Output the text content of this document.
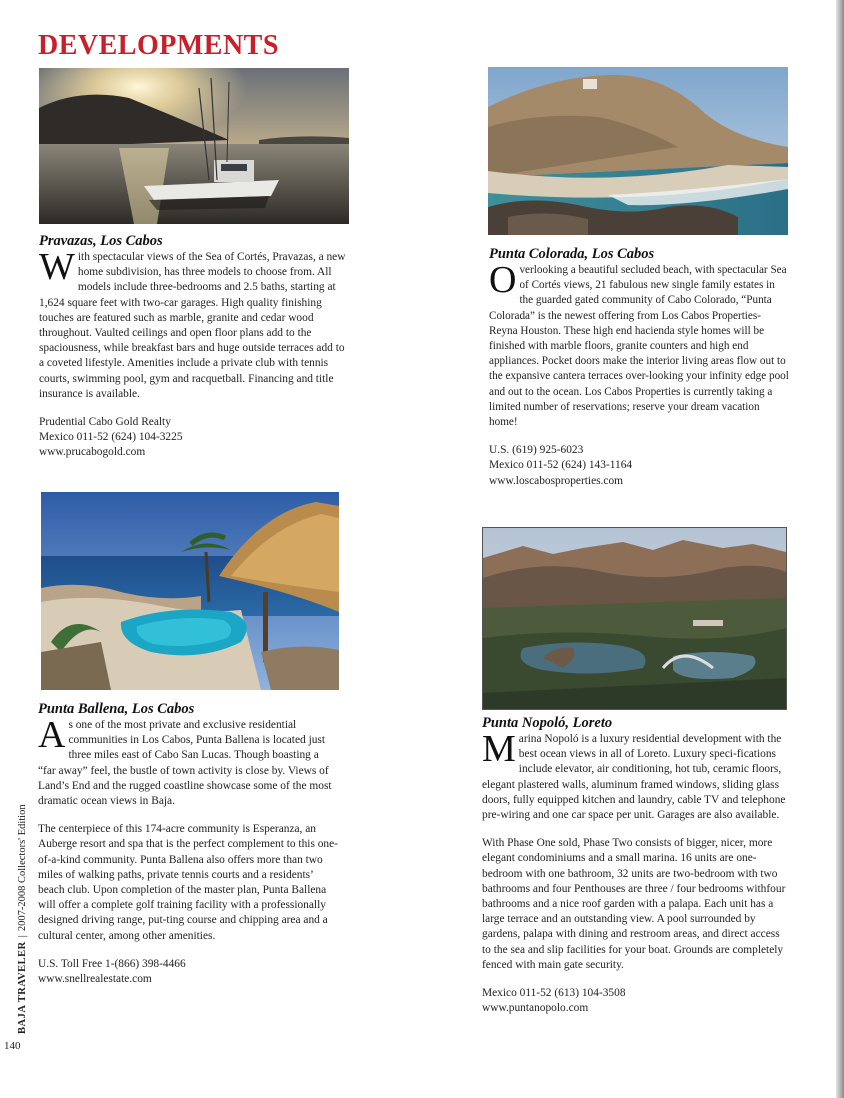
DEVELOPMENTS
Pravazas, Los Cabos

With spectacular views of the Sea of Cortés, Pravazas, a new home subdivision, has three models to choose from. All models include three-bedrooms and 2.5 baths, starting at 1,624 square feet with two-car garages. High quality finishing touches are featured such as marble, granite and cedar wood throughout. Vaulted ceilings and open floor plans add to the spaciousness, while breakfast bars and huge outside terraces add to a coveted lifestyle. Amenities include a private club with tennis courts, swimming pool, gym and racquetball. Financing and title insurance is available.

Prudential Cabo Gold Realty
Mexico 011-52 (624) 104-3225
www.prucabogold.com
Punta Colorada, Los Cabos

Overlooking a beautiful secluded beach, with spectacular Sea of Cortés views, 21 fabulous new single family estates in the guarded gated community of Cabo Colorado, “Punta Colorada” is the newest offering from Los Cabos Properties-Reyna Houston. These high end hacienda style homes will be finished with marble floors, granite counters and high end appliances. Pocket doors make the interior living areas flow out to the expansive cantera terraces over-looking your infinity edge pool and out to the ocean. Los Cabos Properties is currently taking a limited number of reservations; reserve your dream vacation home!

U.S. (619) 925-6023
Mexico 011-52 (624) 143-1164
www.loscabosproperties.com
Punta Ballena, Los Cabos

As one of the most private and exclusive residential communities in Los Cabos, Punta Ballena is located just three miles east of Cabo San Lucas. Though boasting a “far away” feel, the bustle of town activity is close by. Views of Land’s End and the rugged coastline showcase some of the most dramatic ocean views in Baja.

The centerpiece of this 174-acre community is Esperanza, an Auberge resort and spa that is the perfect complement to this one-of-a-kind community. Punta Ballena also offers more than two miles of walking paths, private tennis courts and a residents’ beach club. Upon completion of the master plan, Punta Ballena will offer a complete golf training facility with a professionally designed driving range, put-ting course and chipping area and a cultural center, among other amenities.

U.S. Toll Free 1-(866) 398-4466
www.snellrealestate.com
Punta Nopoló, Loreto

Marina Nopoló is a luxury residential development with the best ocean views in all of Loreto. Luxury speci-fications include elevator, air conditioning, hot tub, ceramic floors, elegant plastered walls, aluminum framed windows, sliding glass doors, fully equipped kitchen and laundry, cable TV and telephone pre-wiring and one car space per unit. Garages are also available.

With Phase One sold, Phase Two consists of bigger, nicer, more elegant condominiums and a small marina. 16 units are one-bedroom with one bathroom, 32 units are two-bedroom with two bathrooms and four Penthouses are three / four bedrooms withfour bathrooms and a nice roof garden with a palapa. Each unit has a large terrace and an outstanding view. A pool surrounded by gardens, palapa with dining and restroom areas, and direct access to the sea and slip facilities for your boat. Grounds are completely fenced with main gate security.

Mexico 011-52 (613) 104-3508
www.puntanopolo.com
BAJA TRAVELER|2007-2008 Collectors' Edition
140
